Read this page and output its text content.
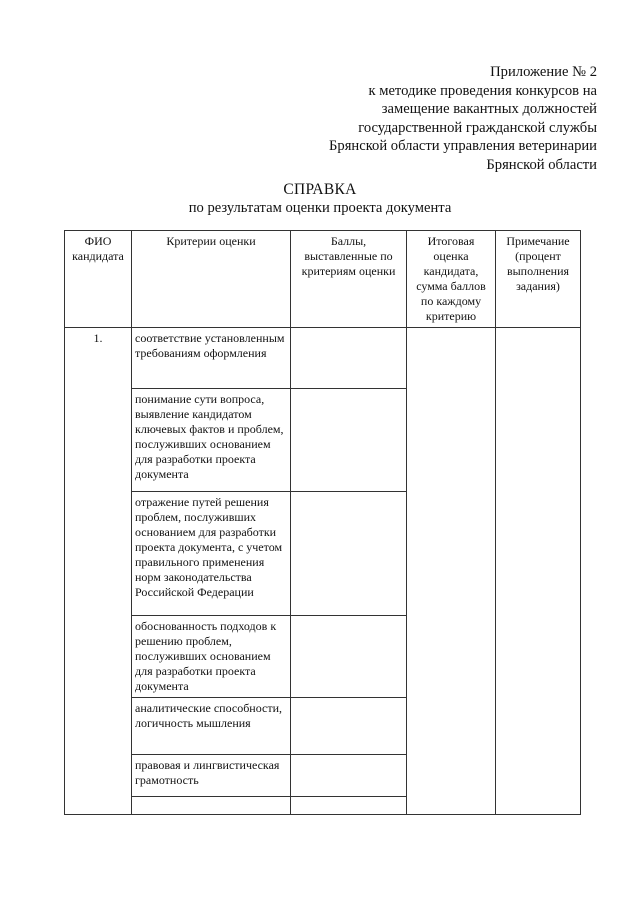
Приложение № 2
к методике проведения конкурсов на
замещение вакантных должностей
государственной гражданской службы
Брянской области управления ветеринарии
Брянской области
СПРАВКА
по результатам оценки проекта документа
ФИО кандидата	Критерии оценки	Баллы, выставленные по критериям оценки	Итоговая оценка кандидата, сумма баллов по каждому критерию	Примечание (процент выполнения задания)
1.	соответствие установленным требованиям оформления			
	понимание сути вопроса, выявление кандидатом ключевых фактов и проблем, послуживших основанием для разработки проекта документа			
	отражение путей решения проблем, послуживших основанием для разработки проекта документа, с учетом правильного применения норм законодательства Российской Федерации			
	обоснованность подходов к решению проблем, послуживших основанием для разработки проекта документа			
	аналитические способности, логичность мышления			
	правовая и лингвистическая грамотность			
